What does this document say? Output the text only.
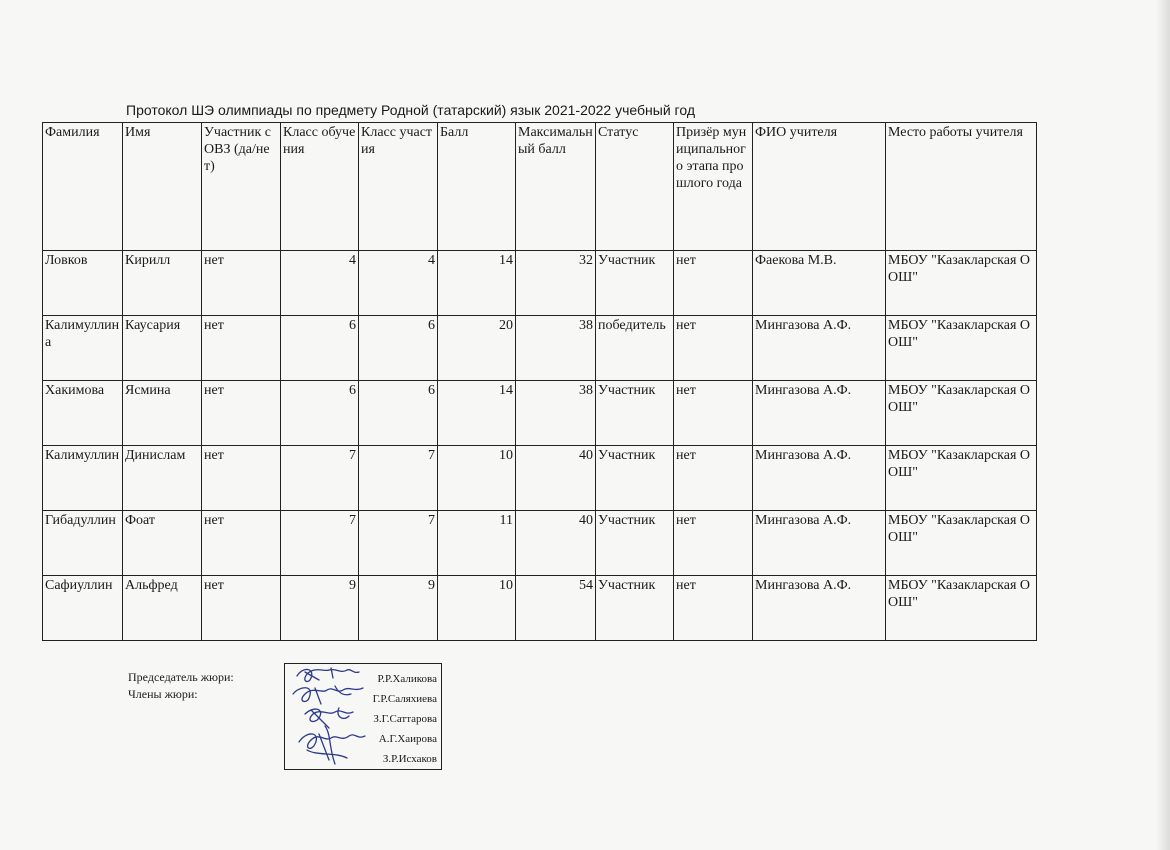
Протокол ШЭ олимпиады по предмету Родной (татарский) язык 2021-2022 учебный год
Фамилия	Имя	Участник с ОВЗ (да/нет)	Класс обучения	Класс участия	Балл	Максимальный балл	Статус	Призёр муниципального этапа прошлого года	ФИО учителя	Место работы учителя
Ловков	Кирилл	нет	4	4	14	32	Участник	нет	Фаекова М.В.	МБОУ "Казакларская ООШ"
Калимуллина	Каусария	нет	6	6	20	38	победитель	нет	Мингазова А.Ф.	МБОУ "Казакларская ООШ"
Хакимова	Ясмина	нет	6	6	14	38	Участник	нет	Мингазова А.Ф.	МБОУ "Казакларская ООШ"
Калимуллин	Динислам	нет	7	7	10	40	Участник	нет	Мингазова А.Ф.	МБОУ "Казакларская ООШ"
Гибадуллин	Фоат	нет	7	7	11	40	Участник	нет	Мингазова А.Ф.	МБОУ "Казакларская ООШ"
Сафиуллин	Альфред	нет	9	9	10	54	Участник	нет	Мингазова А.Ф.	МБОУ "Казакларская ООШ"
Председатель жюри:
Члены жюри:
Р.Р.Халикова
Г.Р.Саляхиева
З.Г.Саттарова
А.Г.Хаирова
З.Р.Исхаков
